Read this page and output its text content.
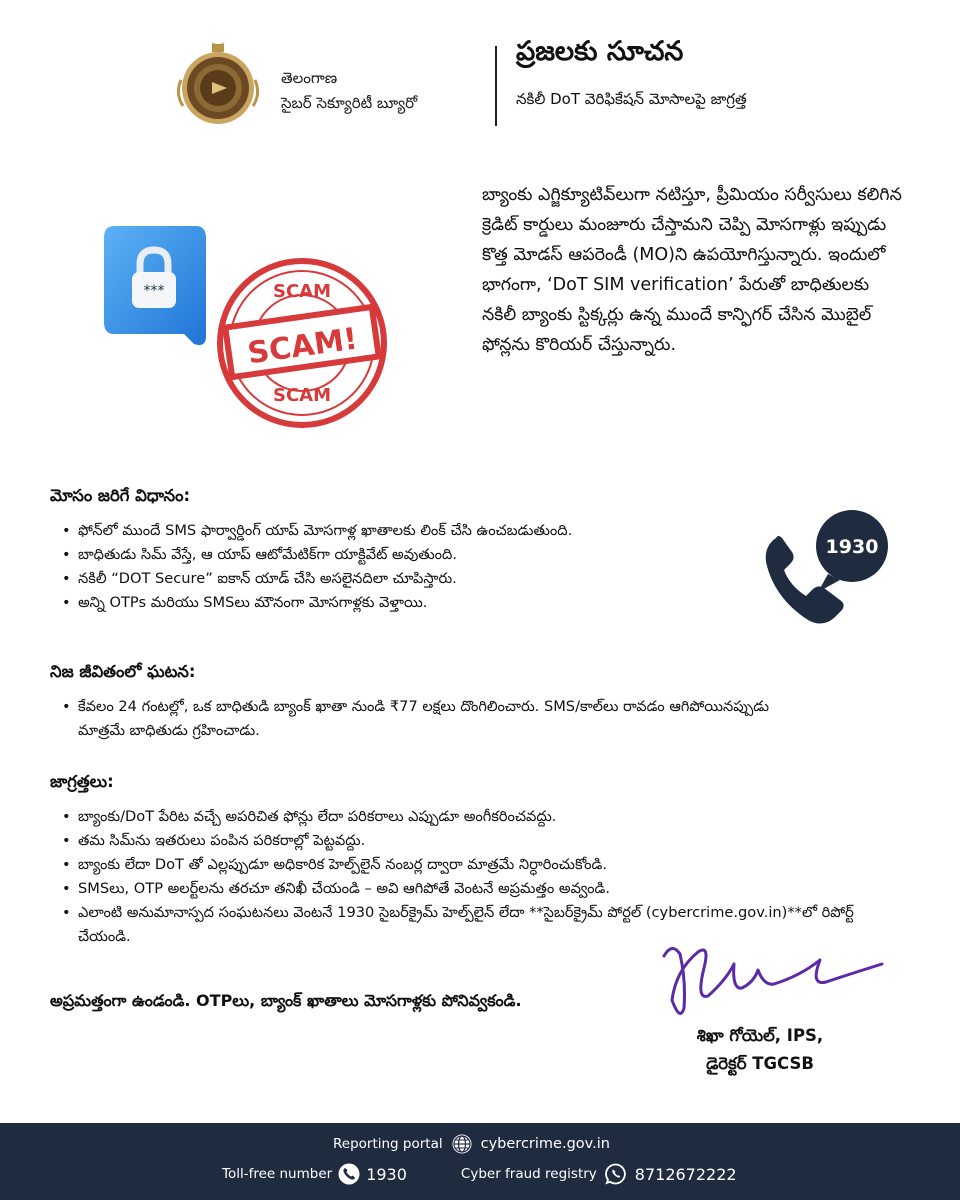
తెలంగాణ
సైబర్ సెక్యూరిటీ బ్యూరో
ప్రజలకు సూచన
నకిలీ DoT వెరిఫికేషన్ మోసాలపై జాగ్రత్త
బ్యాంకు ఎగ్జిక్యూటివ్‌లుగా నటిస్తూ, ప్రీమియం సర్వీసులు కలిగిన క్రెడిట్ కార్డులు మంజూరు చేస్తామని చెప్పి మోసగాళ్లు ఇప్పుడు కొత్త మోడస్ ఆపరెండీ (MO)ని ఉపయోగిస్తున్నారు. ఇందులో భాగంగా, ‘DoT SIM verification’ పేరుతో బాధితులకు నకిలీ బ్యాంకు స్టిక్కర్లు ఉన్న ముందే కాన్ఫిగర్ చేసిన మొబైల్ ఫోన్లను కొరియర్ చేస్తున్నారు.
***	SCAM
SCAM
SCAM!
మోసం జరిగే విధానం:
• ఫోన్‌లో ముందే SMS ఫార్వార్డింగ్ యాప్ మోసగాళ్ల ఖాతాలకు లింక్ చేసి ఉంచబడుతుంది.
• బాధితుడు సిమ్ వేస్తే, ఆ యాప్ ఆటోమేటిక్‌గా యాక్టివేట్ అవుతుంది.
• నకిలీ “DOT Secure” ఐకాన్ యాడ్ చేసి అసలైనదిలా చూపిస్తారు.
• అన్ని OTPs మరియు SMSలు మౌనంగా మోసగాళ్లకు వెళ్తాయి.
1930
నిజ జీవితంలో ఘటన:
• కేవలం 24 గంటల్లో, ఒక బాధితుడి బ్యాంక్ ఖాతా నుండి ₹77 లక్షలు దొంగిలించారు. SMS/కాల్‌లు రావడం ఆగిపోయినప్పుడు మాత్రమే బాధితుడు గ్రహించాడు.
జాగ్రత్తలు:
• బ్యాంకు/DoT పేరిట వచ్చే అపరిచిత ఫోన్లు లేదా పరికరాలు ఎప్పుడూ అంగీకరించవద్దు.
• తమ సిమ్‌ను ఇతరులు పంపిన పరికరాల్లో పెట్టవద్దు.
• బ్యాంకు లేదా DoT తో ఎల్లప్పుడూ అధికారిక హెల్ప్‌లైన్ నంబర్ల ద్వారా మాత్రమే నిర్ధారించుకోండి.
• SMSలు, OTP అలర్ట్‌లను తరచూ తనిఖీ చేయండి – అవి ఆగిపోతే వెంటనే అప్రమత్తం అవ్వండి.
• ఎలాంటి అనుమానాస్పద సంఘటనలు వెంటనే 1930 సైబర్‌క్రైమ్ హెల్ప్‌లైన్ లేదా **సైబర్‌క్రైమ్ పోర్టల్ (cybercrime.gov.in)**లో రిపోర్ట్ చేయండి.
అప్రమత్తంగా ఉండండి. OTPలు, బ్యాంక్ ఖాతాలు మోసగాళ్లకు పోనివ్వకండి.
శిఖా గోయెల్, IPS,
డైరెక్టర్ TGCSB
Reporting portal	cybercrime.gov.in
Toll-free number 1930	Cyber fraud registry 8712672222
